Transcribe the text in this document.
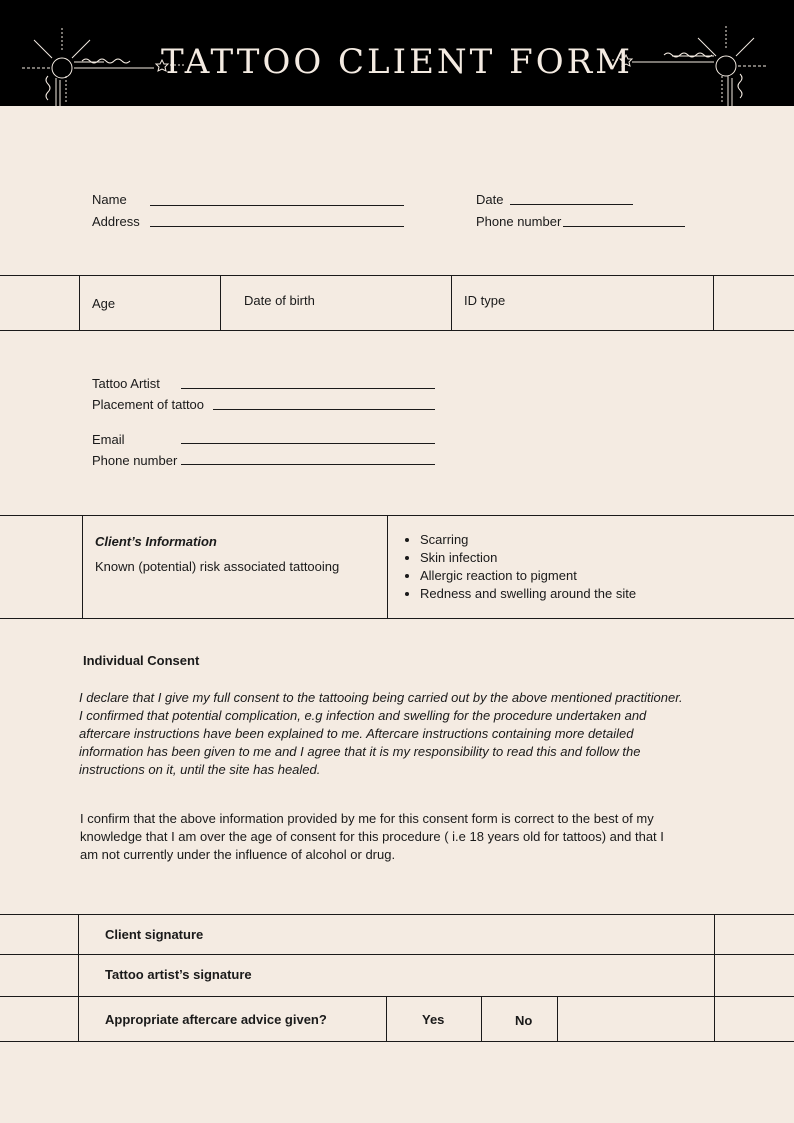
TATTOO CLIENT FORM
Name
Address
Date
Phone number
Age	Date of birth	ID type
Tattoo Artist
Placement of tattoo
Email
Phone number
Client’s Information
Known (potential) risk associated tattooing
• Scarring
• Skin infection
• Allergic reaction to pigment
• Redness and swelling around the site
Individual Consent
I declare that I give my full consent to the tattooing being carried out by the above mentioned practitioner.
I confirmed that potential complication, e.g infection and swelling for the procedure undertaken and
aftercare instructions have been explained to me. Aftercare instructions containing more detailed
information has been given to me and I agree that it is my responsibility to read this and follow the
instructions on it, until the site has healed.
I confirm that the above information provided by me for this consent form is correct to the best of my
knowledge that I am over the age of consent for this procedure ( i.e 18 years old for tattoos) and that I
am not currently under the influence of alcohol or drug.
Client signature
Tattoo artist’s signature
Appropriate aftercare advice given?	Yes	No
